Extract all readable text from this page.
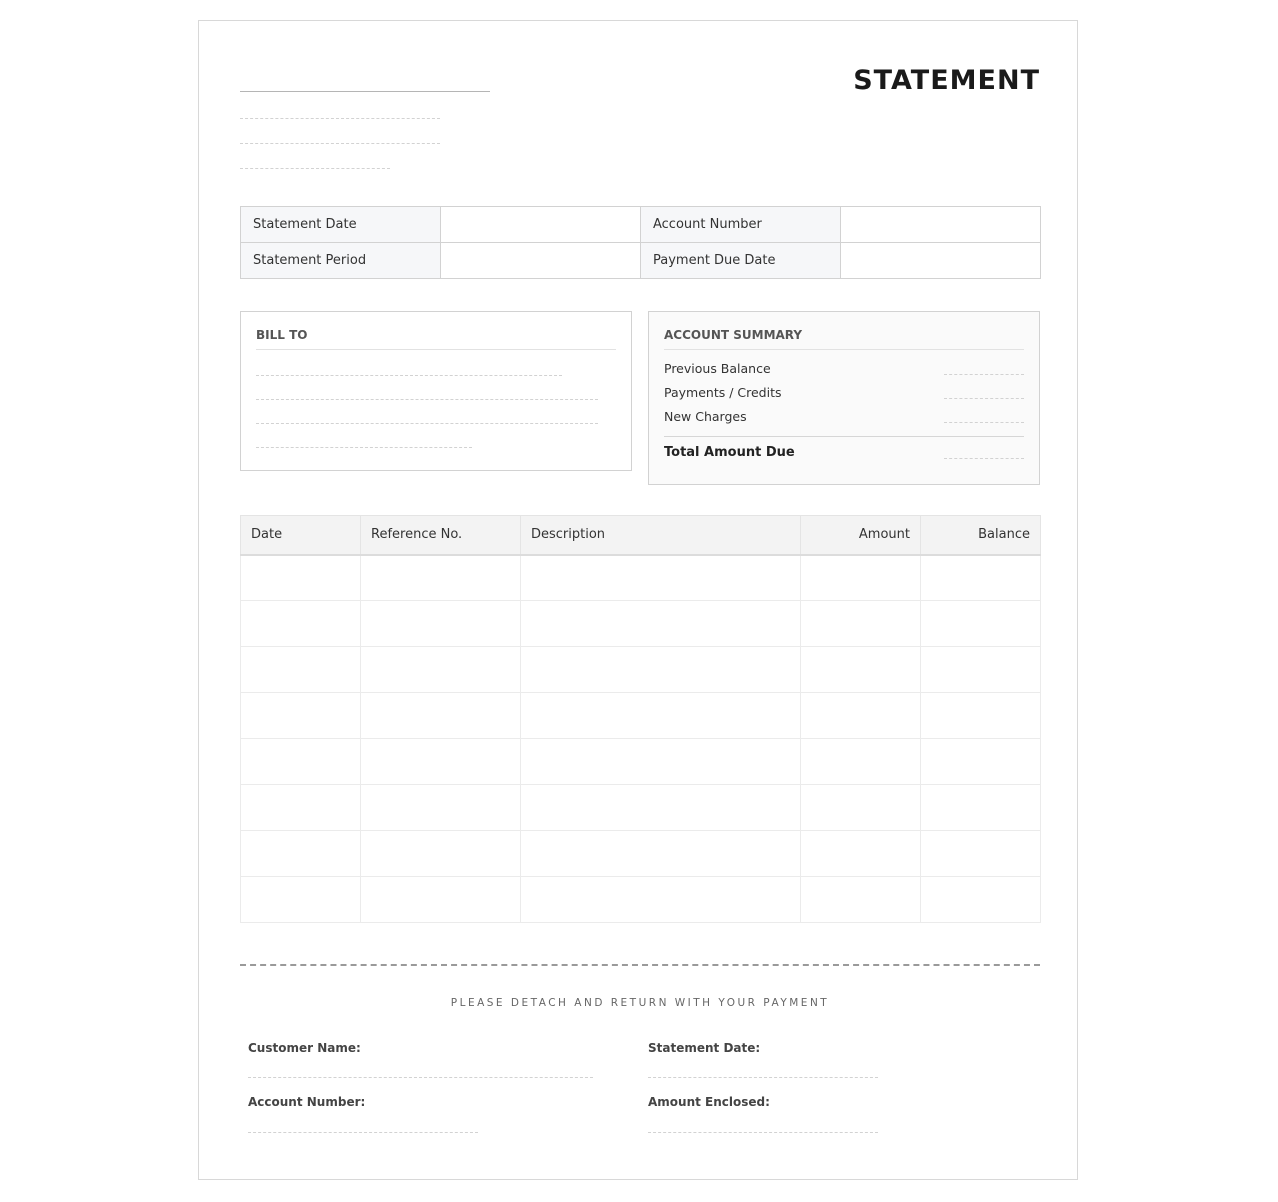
STATEMENT
Statement Date		Account Number	
Statement Period		Payment Due Date	
BILL TO	ACCOUNT SUMMARY
Previous Balance
Payments / Credits
New Charges
Total Amount Due
Date	Reference No.	Description	Amount	Balance

PLEASE DETACH AND RETURN WITH YOUR PAYMENT
Customer Name:	Statement Date:
Account Number:	Amount Enclosed:
